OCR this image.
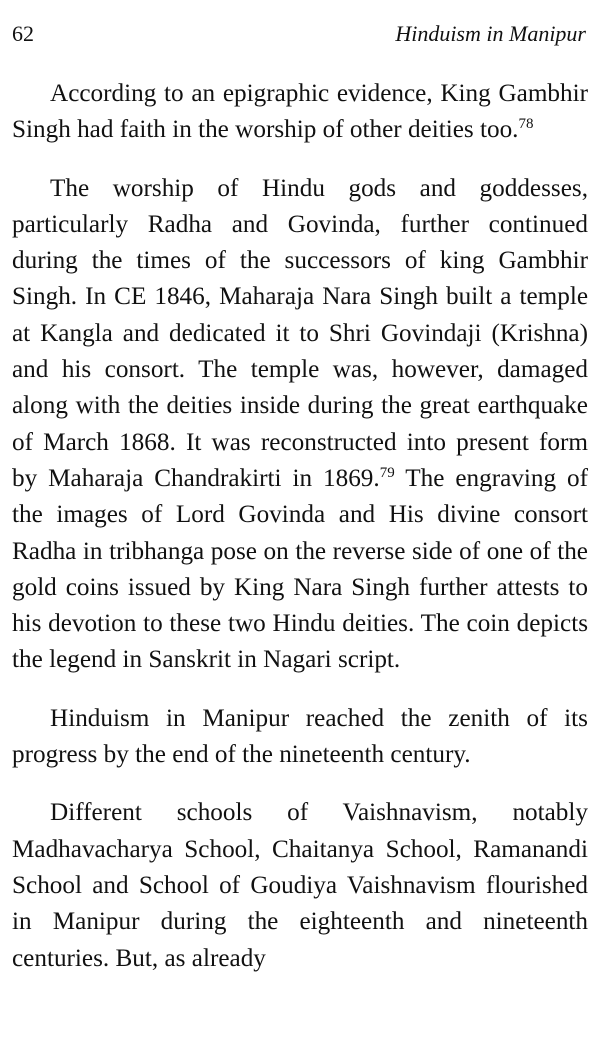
62	Hinduism in Manipur

According to an epigraphic evidence, King Gambhir Singh had faith in the worship of other deities too.$^{78}$

The worship of Hindu gods and goddesses, particularly Radha and Govinda, further continued during the times of the successors of king Gambhir Singh. In CE 1846, Maharaja Nara Singh built a temple at Kangla and dedicated it to Shri Govindaji (Krishna) and his consort. The temple was, however, damaged along with the deities inside during the great earthquake of March 1868. It was reconstructed into present form by Maharaja Chandrakirti in 1869.79 The engraving of the images of Lord Govinda and His divine consort Radha in tribhanga pose on the reverse side of one of the gold coins issued by King Nara Singh further attests to his devotion to these two Hindu deities. The coin depicts the legend in Sanskrit in Nagari script.

Hinduism in Manipur reached the zenith of its progress by the end of the nineteenth century.

Different schools of Vaishnavism, notably Madhavacharya School, Chaitanya School, Ramanandi School and School of Goudiya Vaishnavism flourished in Manipur during the eighteenth and nineteenth centuries. But, as already
